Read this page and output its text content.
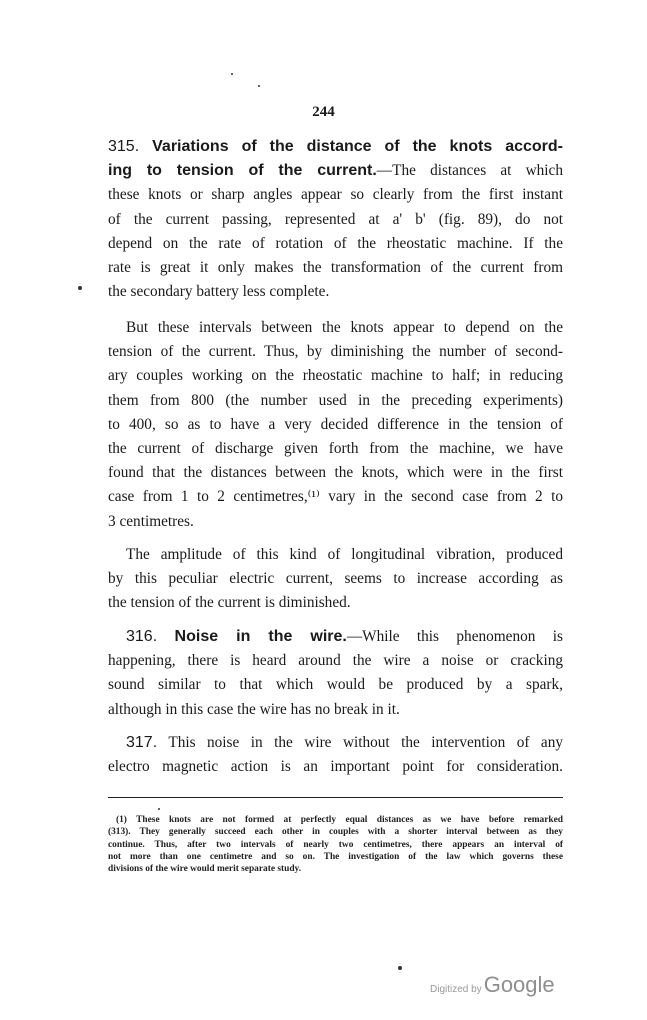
244
315. Variations of the distance of the knots accord-
ing to tension of the current.—The distances at which
these knots or sharp angles appear so clearly from the first instant
of the current passing, represented at a' b' (fig. 89), do not
depend on the rate of rotation of the rheostatic machine. If the
rate is great it only makes the transformation of the current from
the secondary battery less complete.
But these intervals between the knots appear to depend on the
tension of the current. Thus, by diminishing the number of second-
ary couples working on the rheostatic machine to half; in reducing
them from 800 (the number used in the preceding experiments)
to 400, so as to have a very decided difference in the tension of
the current of discharge given forth from the machine, we have
found that the distances between the knots, which were in the first
case from 1 to 2 centimetres,⁽¹⁾ vary in the second case from 2 to
3 centimetres.
The amplitude of this kind of longitudinal vibration, produced
by this peculiar electric current, seems to increase according as
the tension of the current is diminished.
316. Noise in the wire.—While this phenomenon is
happening, there is heard around the wire a noise or cracking
sound similar to that which would be produced by a spark,
although in this case the wire has no break in it.
317. This noise in the wire without the intervention of any
electro magnetic action is an important point for consideration.
(1) These knots are not formed at perfectly equal distances as we have before remarked
(313). They generally succeed each other in couples with a shorter interval between as they
continue. Thus, after two intervals of nearly two centimetres, there appears an interval of
not more than one centimetre and so on. The investigation of the law which governs these
divisions of the wire would merit separate study.
Digitized byGoogle
